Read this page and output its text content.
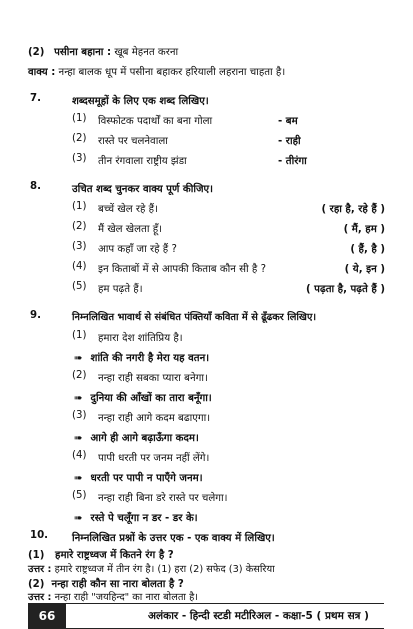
(2) पसीना बहाना : खूब मेहनत करना
वाक्य : नन्हा बालक धूप में पसीना बहाकर हरियाली लहराना चाहता है।
7.	शब्दसमूहों के लिए एक शब्द लिखिए।
(1) विस्फोटक पदार्थों का बना गोला	- बम
(2) रास्ते पर चलनेवाला	- राही
(3) तीन रंगवाला राष्ट्रीय झंडा	- तीरंगा
8.	उचित शब्द चुनकर वाक्य पूर्ण कीजिए।
(1) बच्चें खेल रहे हैं।	( रहा है, रहे हैं )
(2) मैं खेल खेलता हूँ।	( मैं, हम )
(3) आप कहाँ जा रहे हैं ?	( हैं, है )
(4) इन किताबों में से आपकी किताब कौन सी है ?	( ये, इन )
(5) हम पढ़ते हैं।	( पढ़ता है, पढ़ते हैं )
9.	निम्नलिखित भावार्थ से संबंधित पंक्तियाँ कविता में से ढूँढकर लिखिए।
(1) हमारा देश शांतिप्रिय है।
➠ शांति की नगरी है मेरा यह वतन।
(2) नन्हा राही सबका प्यारा बनेगा।
➠ दुनिया की आँखों का तारा बनूँगा।
(3) नन्हा राही आगे कदम बढाएगा।
➠ आगे ही आगे बढ़ाऊँगा कदम।
(4) पापी धरती पर जनम नहीं लेंगे।
➠ धरती पर पापी न पाएँगे जनम।
(5) नन्हा राही बिना डरे रास्ते पर चलेगा।
➠ रस्ते पे चलूँगा न डर - डर के।
10. निम्नलिखित प्रश्नों के उत्तर एक - एक वाक्य में लिखिए।
(1) हमारे राष्ट्रध्वज में कितने रंग है ?
उत्तर : हमारे राष्ट्रध्वज में तीन रंग है। (1) हरा (2) सफेद (3) केसरिया
66	अलंकार - हिन्दी स्टडी मटीरिअल - कक्षा-5 ( प्रथम सत्र )
(2) नन्हा राही कौन सा नारा बोलता है ?
उत्तर : नन्हा राही "जयहिन्द" का नारा बोलता है।
